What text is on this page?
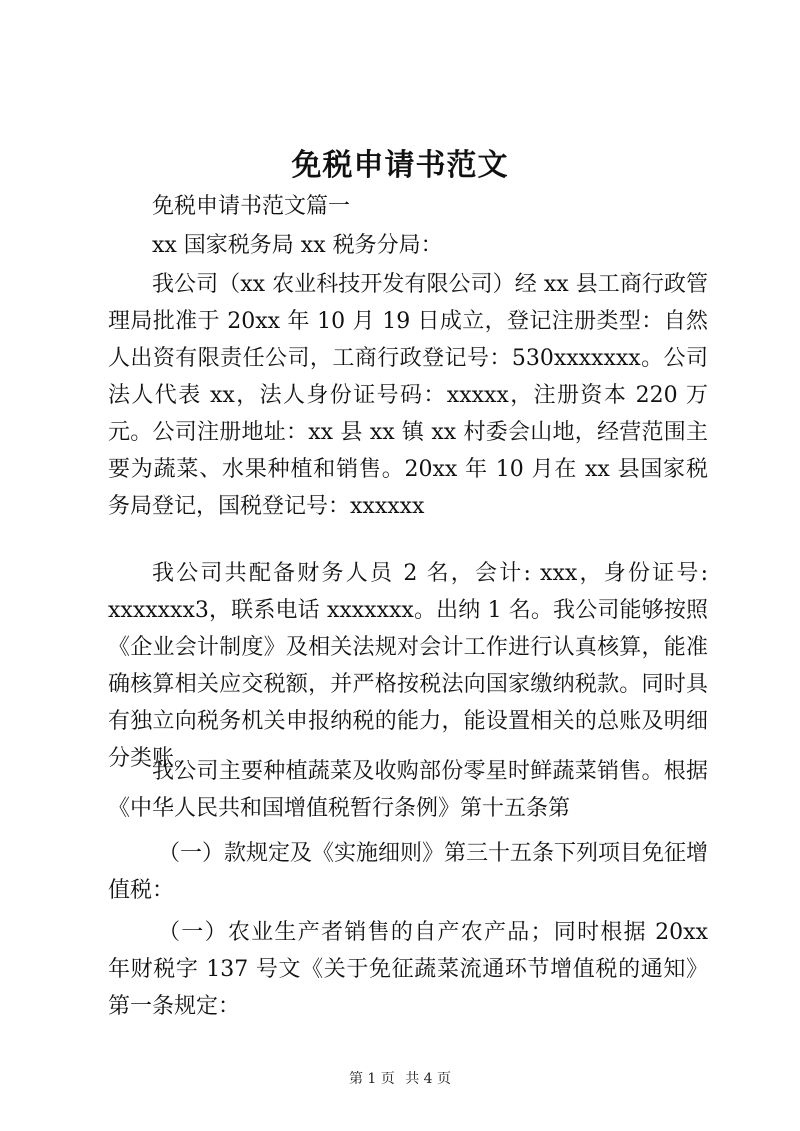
免税申请书范文

免税申请书范文篇一

xx 国家税务局 xx 税务分局：

我公司（xx 农业科技开发有限公司）经 xx 县工商行政管理局批准于 20xx 年 10 月 19 日成立，登记注册类型：自然人出资有限责任公司，工商行政登记号：530xxxxxxx。公司法人代表 xx，法人身份证号码：xxxxx，注册资本 220 万元。公司注册地址：xx 县 xx 镇 xx 村委会山地，经营范围主要为蔬菜、水果种植和销售。20xx 年 10 月在 xx 县国家税务局登记，国税登记号：xxxxxx

我公司共配备财务人员 2 名，会计: xxx，身份证号: xxxxxxx3，联系电话 xxxxxxx。出纳 1 名。我公司能够按照《企业会计制度》及相关法规对会计工作进行认真核算，能准确核算相关应交税额，并严格按税法向国家缴纳税款。同时具有独立向税务机关申报纳税的能力，能设置相关的总账及明细分类账。

我公司主要种植蔬菜及收购部份零星时鲜蔬菜销售。根据《中华人民共和国增值税暂行条例》第十五条第

（一）款规定及《实施细则》第三十五条下列项目免征增值税：

（一）农业生产者销售的自产农产品；同时根据 20xx 年财税字 137 号文《关于免征蔬菜流通环节增值税的通知》第一条规定：

第 1 页 共 4 页
